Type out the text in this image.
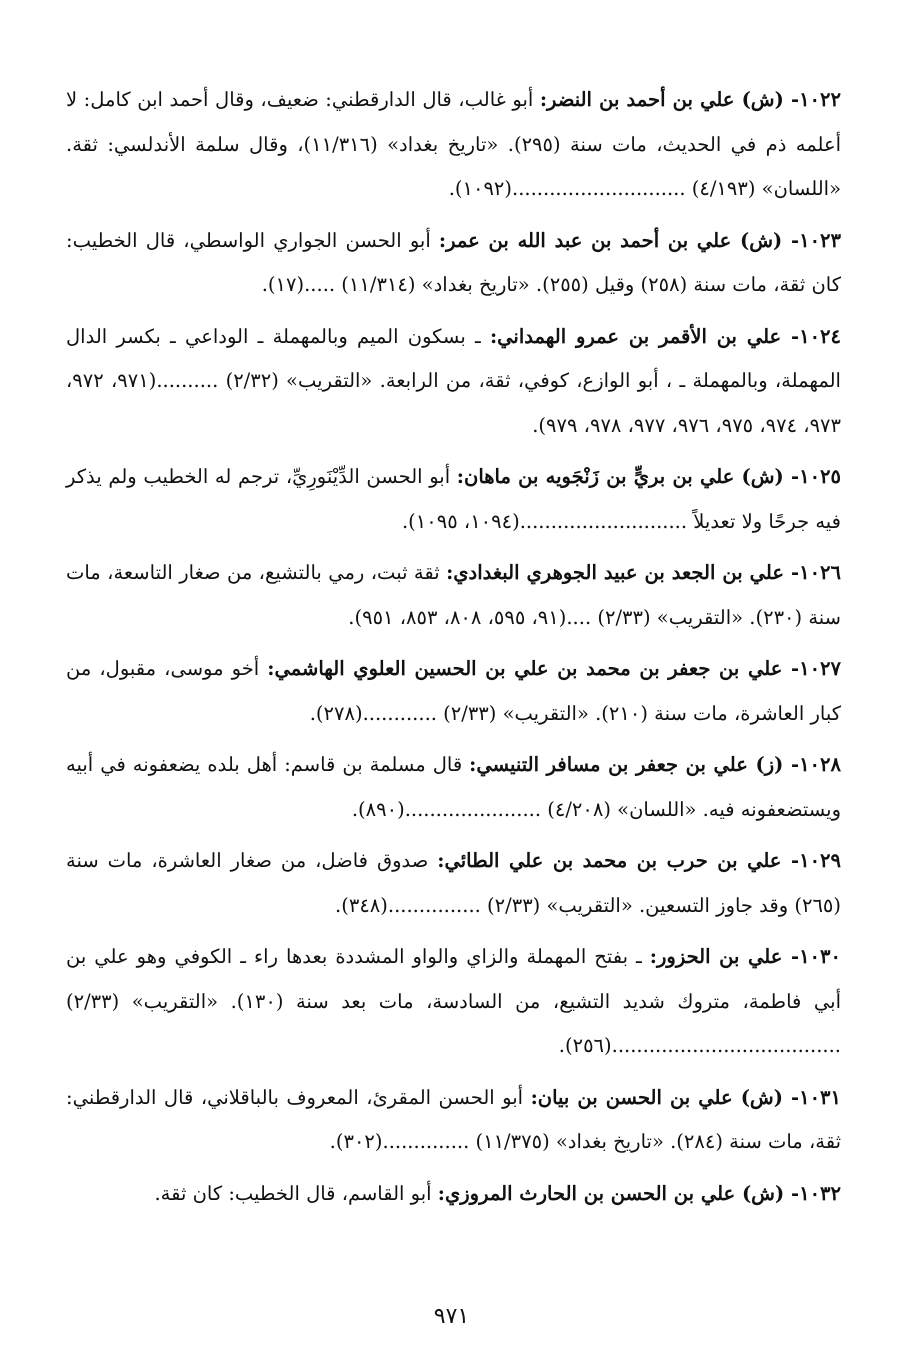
١٠٢٢- (ش) علي بن أحمد بن النضر: أبو غالب، قال الدارقطني: ضعيف، وقال أحمد ابن كامل: لا أعلمه ذم في الحديث، مات سنة (٢٩٥). «تاريخ بغداد» (١١/٣١٦)، وقال سلمة الأندلسي: ثقة. «اللسان» (٤/١٩٣) ............................(١٠٩٢).

١٠٢٣- (ش) علي بن أحمد بن عبد الله بن عمر: أبو الحسن الجواري الواسطي، قال الخطيب: كان ثقة، مات سنة (٢٥٨) وقيل (٢٥٥). «تاريخ بغداد» (١١/٣١٤) .....(١٧).

١٠٢٤- علي بن الأقمر بن عمرو الهمداني: ـ بسكون الميم وبالمهملة ـ الوداعي ـ بكسر الدال المهملة، وبالمهملة ـ ، أبو الوازع، كوفي، ثقة، من الرابعة. «التقريب» (٢/٣٢) ..........(٩٧١، ٩٧٢، ٩٧٣، ٩٧٤، ٩٧٥، ٩٧٦، ٩٧٧، ٩٧٨، ٩٧٩).

١٠٢٥- (ش) علي بن بريٍّ بن زَنْجَويه بن ماهان: أبو الحسن الدِّيْنَورِيِّ، ترجم له الخطيب ولم يذكر فيه جرحًا ولا تعديلاً ...........................(١٠٩٤، ١٠٩٥).

١٠٢٦- علي بن الجعد بن عبيد الجوهري البغدادي: ثقة ثبت، رمي بالتشيع، من صغار التاسعة، مات سنة (٢٣٠). «التقريب» (٢/٣٣) ....(٩١، ٥٩٥، ٨٠٨، ٨٥٣، ٩٥١).

١٠٢٧- علي بن جعفر بن محمد بن علي بن الحسين العلوي الهاشمي: أخو موسى، مقبول، من كبار العاشرة، مات سنة (٢١٠). «التقريب» (٢/٣٣) ............(٢٧٨).

١٠٢٨- (ز) علي بن جعفر بن مسافر التنيسي: قال مسلمة بن قاسم: أهل بلده يضعفونه في أبيه ويستضعفونه فيه. «اللسان» (٤/٢٠٨) ......................(٨٩٠).

١٠٢٩- علي بن حرب بن محمد بن علي الطائي: صدوق فاضل، من صغار العاشرة، مات سنة (٢٦٥) وقد جاوز التسعين. «التقريب» (٢/٣٣) ...............(٣٤٨).

١٠٣٠- علي بن الحزور: ـ بفتح المهملة والزاي والواو المشددة بعدها راء ـ الكوفي وهو علي بن أبي فاطمة، متروك شديد التشيع، من السادسة، مات بعد سنة (١٣٠). «التقريب» (٢/٣٣) .....................................(٢٥٦).

١٠٣١- (ش) علي بن الحسن بن بيان: أبو الحسن المقرئ، المعروف بالباقلاني، قال الدارقطني: ثقة، مات سنة (٢٨٤). «تاريخ بغداد» (١١/٣٧٥) ..............(٣٠٢).

١٠٣٢- (ش) علي بن الحسن بن الحارث المروزي: أبو القاسم، قال الخطيب: كان ثقة.

٩٧١
